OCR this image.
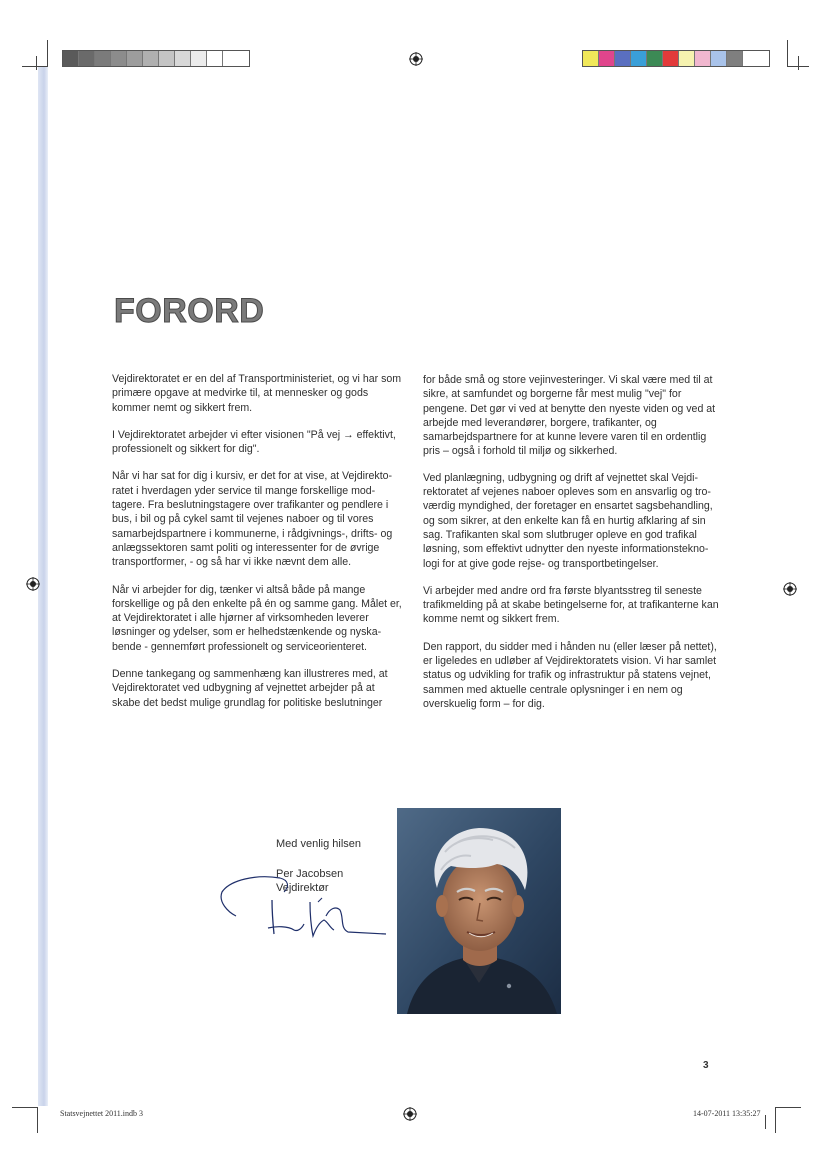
FORORD

Vejdirektoratet er en del af Transportministeriet, og vi har som primære opgave at medvirke til, at mennesker og gods kommer nemt og sikkert frem.

I Vejdirektoratet arbejder vi efter visionen "På vej → effektivt, professionelt og sikkert for dig".

Når vi har sat for dig i kursiv, er det for at vise, at Vejdirekto-ratet i hverdagen yder service til mange forskellige mod-tagere. Fra beslutningstagere over trafikanter og pendlere i bus, i bil og på cykel samt til vejenes naboer og til vores samarbejdspartnere i kommunerne, i rådgivnings-, drifts- og anlægssektoren samt politi og interessenter for de øvrige transportformer, - og så har vi ikke nævnt dem alle.

Når vi arbejder for dig, tænker vi altså både på mange forskellige og på den enkelte på én og samme gang. Målet er, at Vejdirektoratet i alle hjørner af virksomheden leverer løsninger og ydelser, som er helhedstænkende og nyska-bende - gennemført professionelt og serviceorienteret.

Denne tankegang og sammenhæng kan illustreres med, at Vejdirektoratet ved udbygning af vejnettet arbejder på at skabe det bedst mulige grundlag for politiske beslutninger

for både små og store vejinvesteringer. Vi skal være med til at sikre, at samfundet og borgerne får mest mulig "vej" for pengene. Det gør vi ved at benytte den nyeste viden og ved at arbejde med leverandører, borgere, trafikanter, og samarbejdspartnere for at kunne levere varen til en ordentlig pris – også i forhold til miljø og sikkerhed.

Ved planlægning, udbygning og drift af vejnettet skal Vejdi-rektoratet af vejenes naboer opleves som en ansvarlig og tro-værdig myndighed, der foretager en ensartet sagsbehandling, og som sikrer, at den enkelte kan få en hurtig afklaring af sin sag. Trafikanten skal som slutbruger opleve en god trafikal løsning, som effektivt udnytter den nyeste informationstekno-logi for at give gode rejse- og transportbetingelser.

Vi arbejder med andre ord fra første blyantsstreg til seneste trafikmelding på at skabe betingelserne for, at trafikanterne kan komme nemt og sikkert frem.

Den rapport, du sidder med i hånden nu (eller læser på nettet), er ligeledes en udløber af Vejdirektoratets vision. Vi har samlet status og udvikling for trafik og infrastruktur på statens vejnet, sammen med aktuelle centrale oplysninger i en nem og overskuelig form – for dig.

Med venlig hilsen
Per Jacobsen
Vejdirektør
3
Statsvejnettet 2011.indb 3	14-07-2011 13:35:27
